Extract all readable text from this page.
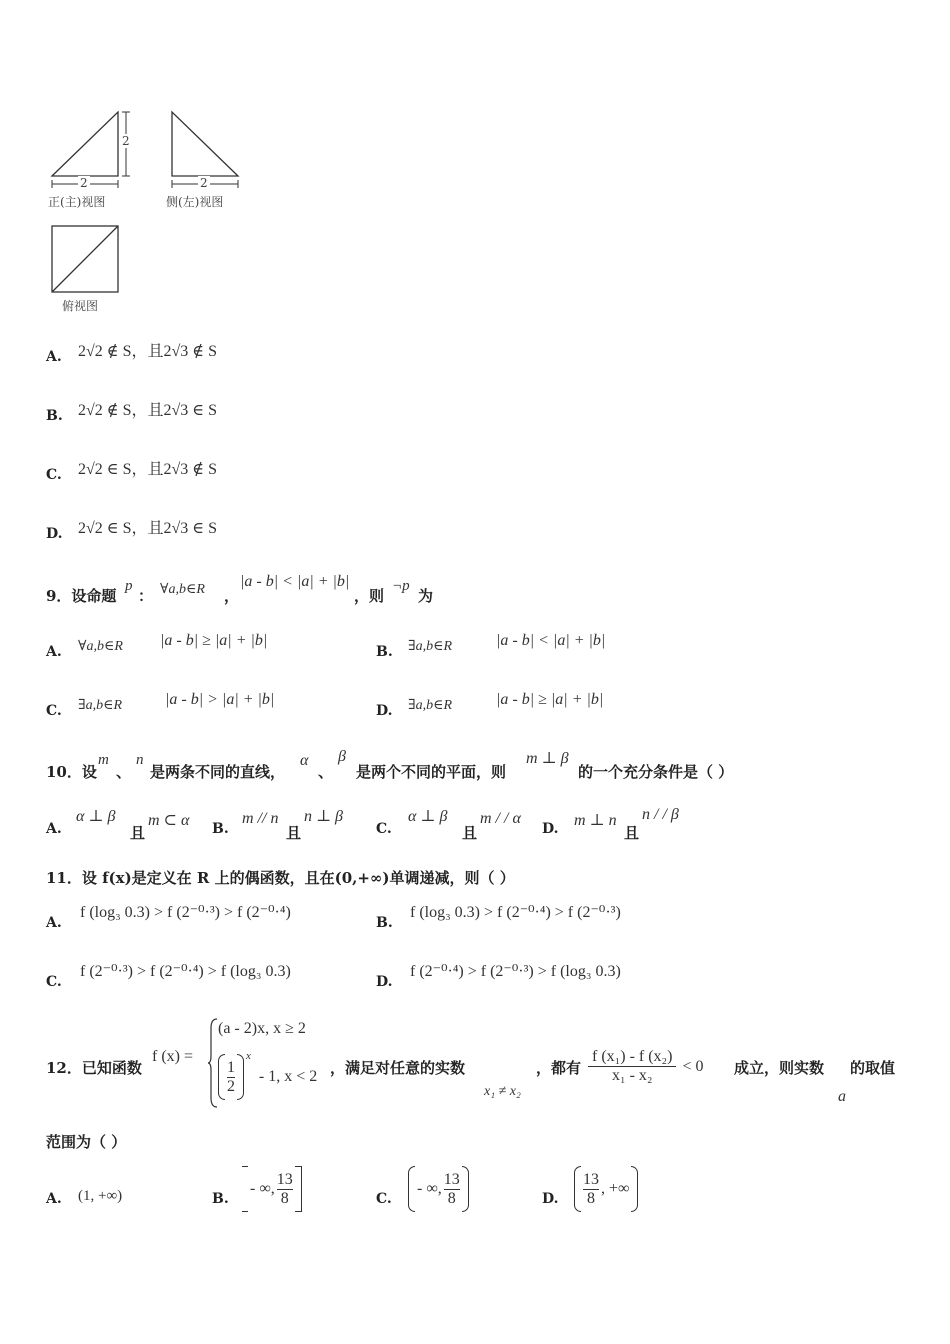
2
2
正(主)视图
2
侧(左)视图
俯视图
A. 2√2 ∉ S，且2√3 ∉ S
B. 2√2 ∉ S，且2√3 ∈ S
C. 2√2 ∈ S，且2√3 ∉ S
D. 2√2 ∈ S，且2√3 ∈ S
9．设命题
p
： ∀a,b∈R ，
|a - b| < |a| + |b|
，则
¬p
为
A. ∀a,b∈R |a - b| ≥ |a| + |b|
B. ∃a,b∈R	|a - b| < |a| + |b|
C. ∃a,b∈R	|a - b| > |a| + |b|
D. ∃a,b∈R	|a - b| ≥ |a| + |b|
10．设
m
、
n
是两条不同的直线，
α
、
β
是两个不同的平面，则
m ⊥ β
的一个充分条件是（ ）
A.
α ⊥ β
且
m ⊂ α B.
m // n
且
n ⊥ β
C.
α ⊥ β
且
m / / α
D. m ⊥ n
且
n / / β
11．设 f(x)是定义在 R 上的偶函数，且在(0,+∞)单调递减，则（ ）
A.
f (log₃ 0.3) > f (2⁻⁰·³) > f (2⁻⁰·⁴)
B.
f (log₃ 0.3) > f (2⁻⁰·⁴) > f (2⁻⁰·³)
C.
f (2⁻⁰·³) > f (2⁻⁰·⁴) > f (log₃ 0.3)
D.
f (2⁻⁰·⁴) > f (2⁻⁰·³) > f (log₃ 0.3)
12．已知函数
f (x) =
(a - 2)x, x ≥ 2
$\frac{1}{2}$
x
- 1, x < 2 ，满足对任意的实数
x₁ ≠ x₂
，都有 $\frac{\text{f (x₁) - f (x₂)}}{\text{x₁ - x₂}} < 0$ 成立，则实数
a
的取值
范围为（ ）
A. (1, +∞)	B.
- ∞, $\frac{13}{8}$	C.
- ∞, $\frac{13}{8}$	D. $\frac{13}{8}$ , +∞
